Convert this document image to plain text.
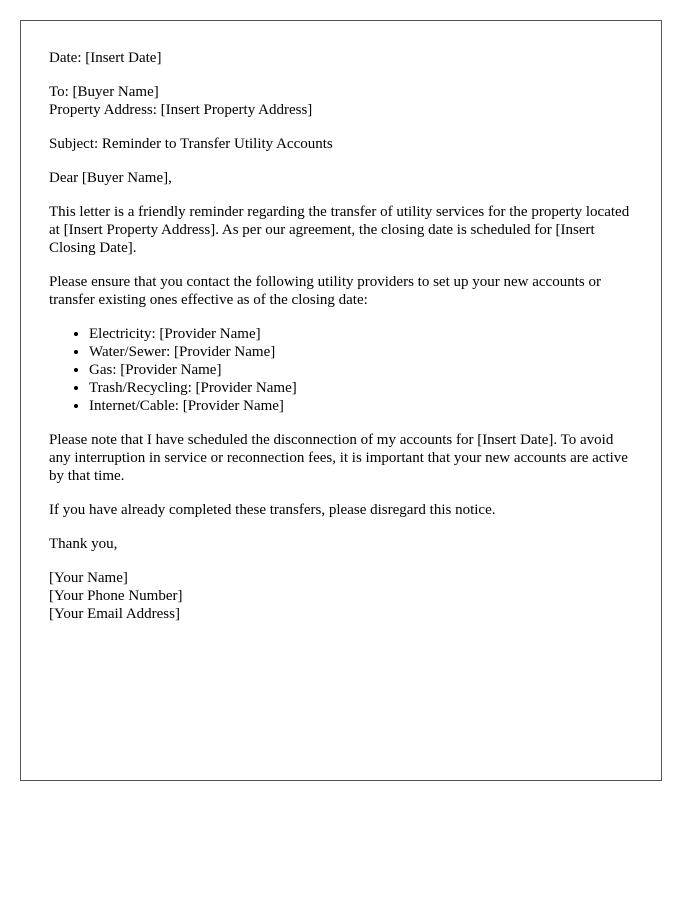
Date: [Insert Date]

To: [Buyer Name]

Property Address: [Insert Property Address]

Subject: Reminder to Transfer Utility Accounts

Dear [Buyer Name],

This letter is a friendly reminder regarding the transfer of utility services for the property located at [Insert Property Address]. As per our agreement, the closing date is scheduled for [Insert Closing Date].

Please ensure that you contact the following utility providers to set up your new accounts or transfer existing ones effective as of the closing date:

• Electricity: [Provider Name]
• Water/Sewer: [Provider Name]
• Gas: [Provider Name]
• Trash/Recycling: [Provider Name]
• Internet/Cable: [Provider Name]

Please note that I have scheduled the disconnection of my accounts for [Insert Date]. To avoid any interruption in service or reconnection fees, it is important that your new accounts are active by that time.

If you have already completed these transfers, please disregard this notice.

Thank you,

[Your Name]

[Your Phone Number]

[Your Email Address]
